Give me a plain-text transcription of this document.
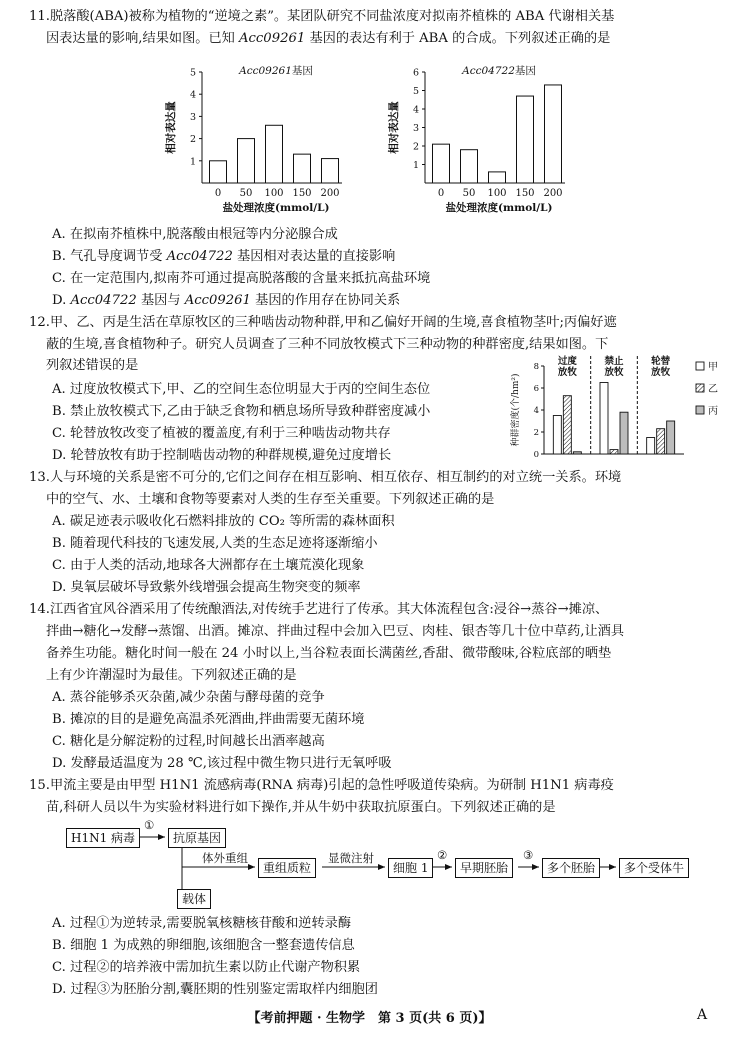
11.脱落酸(ABA)被称为植物的“逆境之素”。某团队研究不同盐浓度对拟南芥植株的 ABA 代谢相关基
因表达量的影响,结果如图。已知 Acc09261 基因的表达有利于 ABA 的合成。下列叙述正确的是
1
2
3
4
5
0 50 100 150 200
Acc09261基因
相对表达量
盐处理浓度(mmol/L)
1
2
3
4
5
6
0 50 100 150 200
Acc04722基因
相对表达量
盐处理浓度(mmol/L)
A. 在拟南芥植株中,脱落酸由根冠等内分泌腺合成
B. 气孔导度调节受 Acc04722 基因相对表达量的直接影响
C. 在一定范围内,拟南芥可通过提高脱落酸的含量来抵抗高盐环境
D. Acc04722 基因与 Acc09261 基因的作用存在协同关系
12.甲、乙、丙是生活在草原牧区的三种啮齿动物种群,甲和乙偏好开阔的生境,喜食植物茎叶;丙偏好遮
蔽的生境,喜食植物种子。研究人员调查了三种不同放牧模式下三种动物的种群密度,结果如图。下
列叙述错误的是
A. 过度放牧模式下,甲、乙的空间生态位明显大于丙的空间生态位
B. 禁止放牧模式下,乙由于缺乏食物和栖息场所导致种群密度减小
C. 轮替放牧改变了植被的覆盖度,有利于三种啮齿动物共存
D. 轮替放牧有助于控制啮齿动物的种群规模,避免过度增长	0
2
4
6
8
种群密度(个/hm²)
过度
放牧
禁止
放牧
轮替
放牧	甲
乙
丙
13.人与环境的关系是密不可分的,它们之间存在相互影响、相互依存、相互制约的对立统一关系。环境
中的空气、水、土壤和食物等要素对人类的生存至关重要。下列叙述正确的是
A. 碳足迹表示吸收化石燃料排放的 CO₂ 等所需的森林面积
B. 随着现代科技的飞速发展,人类的生态足迹将逐渐缩小
C. 由于人类的活动,地球各大洲都存在土壤荒漠化现象
D. 臭氧层破坏导致紫外线增强会提高生物突变的频率
14.江西省宜风谷酒采用了传统酿酒法,对传统手艺进行了传承。其大体流程包含:浸谷→蒸谷→摊凉、
拌曲→糖化→发酵→蒸馏、出酒。摊凉、拌曲过程中会加入巴豆、肉桂、银杏等几十位中草药,让酒具
备养生功能。糖化时间一般在 24 小时以上,当谷粒表面长满菌丝,香甜、微带酸味,谷粒底部的晒垫
上有少许潮湿时为最佳。下列叙述正确的是
A. 蒸谷能够杀灭杂菌,减少杂菌与酵母菌的竞争
B. 摊凉的目的是避免高温杀死酒曲,拌曲需要无菌环境
C. 糖化是分解淀粉的过程,时间越长出酒率越高
D. 发酵最适温度为 28 ℃,该过程中微生物只进行无氧呼吸
15.甲流主要是由甲型 H1N1 流感病毒(RNA 病毒)引起的急性呼吸道传染病。为研制 H1N1 病毒疫
苗,科研人员以牛为实验材料进行如下操作,并从牛奶中获取抗原蛋白。下列叙述正确的是
H1N1 病毒
①
抗原基因
体外重组
重组质粒
显微注射
细胞 1
②
早期胚胎
③
多个胚胎	多个受体牛
载体
A. 过程①为逆转录,需要脱氧核糖核苷酸和逆转录酶
B. 细胞 1 为成熟的卵细胞,该细胞含一整套遗传信息
C. 过程②的培养液中需加抗生素以防止代谢产物积累
D. 过程③为胚胎分割,囊胚期的性别鉴定需取样内细胞团
【考前押题 · 生物学　第 3 页(共 6 页)】	A
